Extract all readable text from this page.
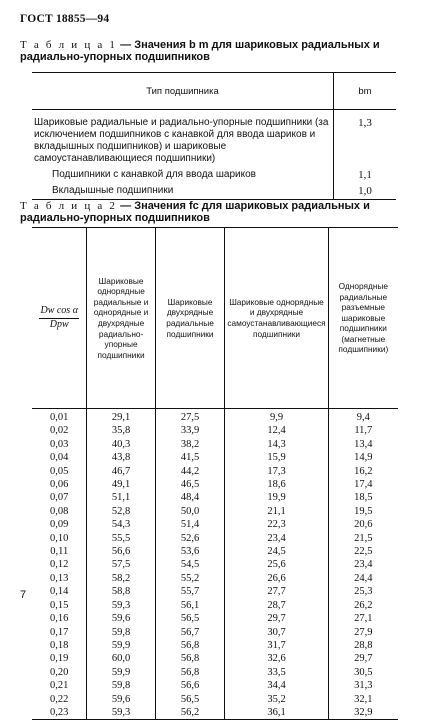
ГОСТ 18855—94
Т а б л и ц а 1 — Значения b m для шариковых радиальных и радиально-упорных подшипников
Тип подшипника	bm
Шариковые радиальные и радиально-упорные подшипники (за исключением подшипников с канавкой для ввода шариков и вкладышных подшипников) и шариковые самоустанавливающиеся подшипники)	1,3
Подшипники с канавкой для ввода шариков	1,1
Вкладышные подшипники	1,0
Т а б л и ц а 2 — Значения fc для шариковых радиальных и радиально-упорных подшипников
$\frac{\text{Dw cos α}}{\text{Dpw}}$	Шариковые однорядные радиальные и однорядные и двухрядные радиально-упорные подшипники	Шариковые двухрядные радиальные подшипники	Шариковые однорядные и двухрядные самоустанавливающиеся подшипники	Однорядные радиальные разъемные шариковые подшипники (магнетные подшипники)
0,01	29,1	27,5	9,9	9,4
0,02	35,8	33,9	12,4	11,7
0,03	40,3	38,2	14,3	13,4
0,04	43,8	41,5	15,9	14,9
0,05	46,7	44,2	17,3	16,2
0,06	49,1	46,5	18,6	17,4
0,07	51,1	48,4	19,9	18,5
0,08	52,8	50,0	21,1	19,5
0,09	54,3	51,4	22,3	20,6
0,10	55,5	52,6	23,4	21,5
0,11	56,6	53,6	24,5	22,5
0,12	57,5	54,5	25,6	23,4
0,13	58,2	55,2	26,6	24,4
0,14	58,8	55,7	27,7	25,3
0,15	59,3	56,1	28,7	26,2
0,16	59,6	56,5	29,7	27,1
0,17	59,8	56,7	30,7	27,9
0,18	59,9	56,8	31,7	28,8
0,19	60,0	56,8	32,6	29,7
0,20	59,9	56,8	33,5	30,5
0,21	59,8	56,6	34,4	31,3
0,22	59,6	56,5	35,2	32,1
0,23	59,3	56,2	36,1	32,9
7
